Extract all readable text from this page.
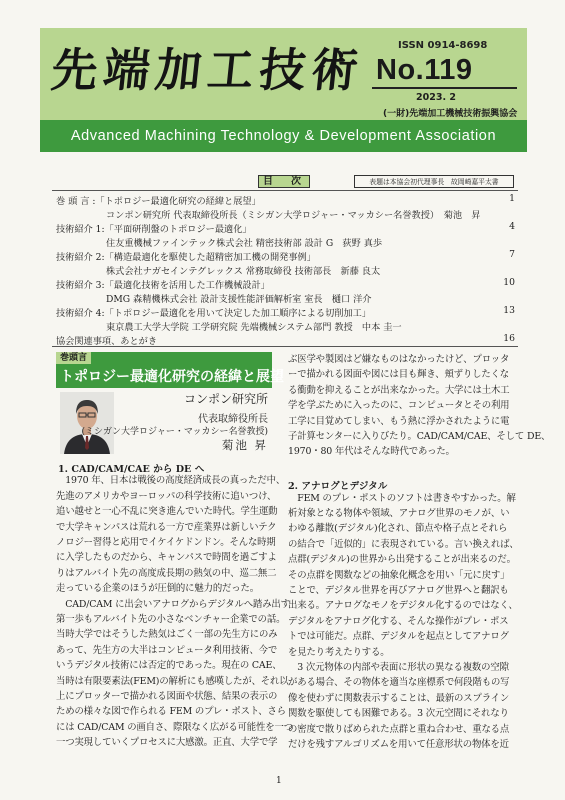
先端加工技術	ISSN 0914-8698
No.119
2023. 2
(一財)先端加工機械技術振興協会
Advanced Machining Technology & Development Association
目　次	表題は本協会初代理事長　故岡崎嘉平太書
巻 頭 言 :「トポロジー最適化研究の経緯と展望」	1
コンポン研究所 代表取締役所長（ミシガン大学ロジャー・マッカシー名誉教授）　菊池　昇
技術紹介 1:「平面研削盤のトポロジー最適化」	4
住友重機械ファインテック株式会社 精密技術部 設計 G　荻野 真歩
技術紹介 2:「構造最適化を駆使した超精密加工機の開発事例」	7
株式会社ナガセインテグレックス 常務取締役 技術部長　新藤 良太
技術紹介 3:「最適化技術を活用した工作機械設計」	10
DMG 森精機株式会社 設計支援性能評価解析室 室長　樋口 洋介
技術紹介 4:「トポロジー最適化を用いて決定した加工順序による切削加工」	13
東京農工大学大学院 工学研究院 先端機械システム部門 教授　中本 圭一
協会関連事項、あとがき	16
巻頭言
トポロジー最適化研究の経緯と展望
コンポン研究所
代表取締役所長
(ミシガン大学ロジャー・マッカシー名誉教授)
菊池 昇
1. CAD/CAM/CAE から DE へ
　1970 年、日本は戦後の高度経済成長の真っただ中、
先進のアメリカやヨーロッパの科学技術に追いつけ、
追い越せと一心不乱に突き進んでいた時代。学生運動
で大学キャンパスは荒れる一方で産業界は新しいテク
ノロジー習得と応用でイケイケドンドン。そんな時期
に入学したものだから、キャンパスで時間を過ごすよ
りはアルバイト先の高度成長期の熱気の中、巡二無二
走っている企業のほうが圧倒的に魅力的だった。
　CAD/CAM に出会いアナログからデジタルへ踏み出す
第一歩もアルバイト先の小さなベンチャー企業での話。
当時大学ではそうした熱気はごく一部の先生方にのみ
あって、先生方の大半はコンピュータ利用技術、今で
いうデジタル技術には否定的であった。現在の CAE、
当時は有限要素法(FEM)の解析にも感嘆したが、それ以
上にプロッターで描かれる図面や状態、結果の表示の
ための様々な図で作られる FEM のプレ・ポスト、さら
には CAD/CAM の画自さ、際限なく広がる可能性を一つ
一つ実現していくプロセスに大感激。正直、大学で学
ぶ医学や製図はど嫌なものはなかったけど、プロッタ
ーで描かれる図面や図には目も輝き、頬ずりしたくな
る衝動を抑えることが出来なかった。大学には土木工
学を学ぶために入ったのに、コンピュータとその利用
工学に目覚めてしまい、もう熱に浮かされたように電
子計算センターに入りびたり。CAD/CAM/CAE、そして DE、
1970・80 年代はそんな時代であった。
2. アナログとデジタル
　FEM のプレ・ポストのソフトは書きやすかった。解
析対象となる物体や領域、アナログ世界のモノが、い
わゆる離散(デジタル)化され、節点や格子点とそれら
の結合で「近似的」に表現されている。言い換えれば、
点群(デジタル)の世界から出発することが出来るのだ。
その点群を関数などの抽象化概念を用い「元に戻す」
ことで、デジタル世界を再びアナログ世界へと翻訳も
出来る。アナログなモノをデジタル化するのではなく、
デジタルをアナログ化する、そんな操作がプレ・ポス
トでは可能だ。点群、デジタルを起点としてアナログ
を見たり考えたりする。
　3 次元物体の内部や表面に形状の異なる複数の空隙
がある場合、その物体を適当な座標系で何段階もの写
像を使わずに関数表示することは、最新のスプライン
関数を駆使しても困難である。3 次元空間にそれなり
の密度で散りばめられた点群と重ね合わせ、重なる点
だけを残すアルゴリズムを用いて任意形状の物体を近
1
